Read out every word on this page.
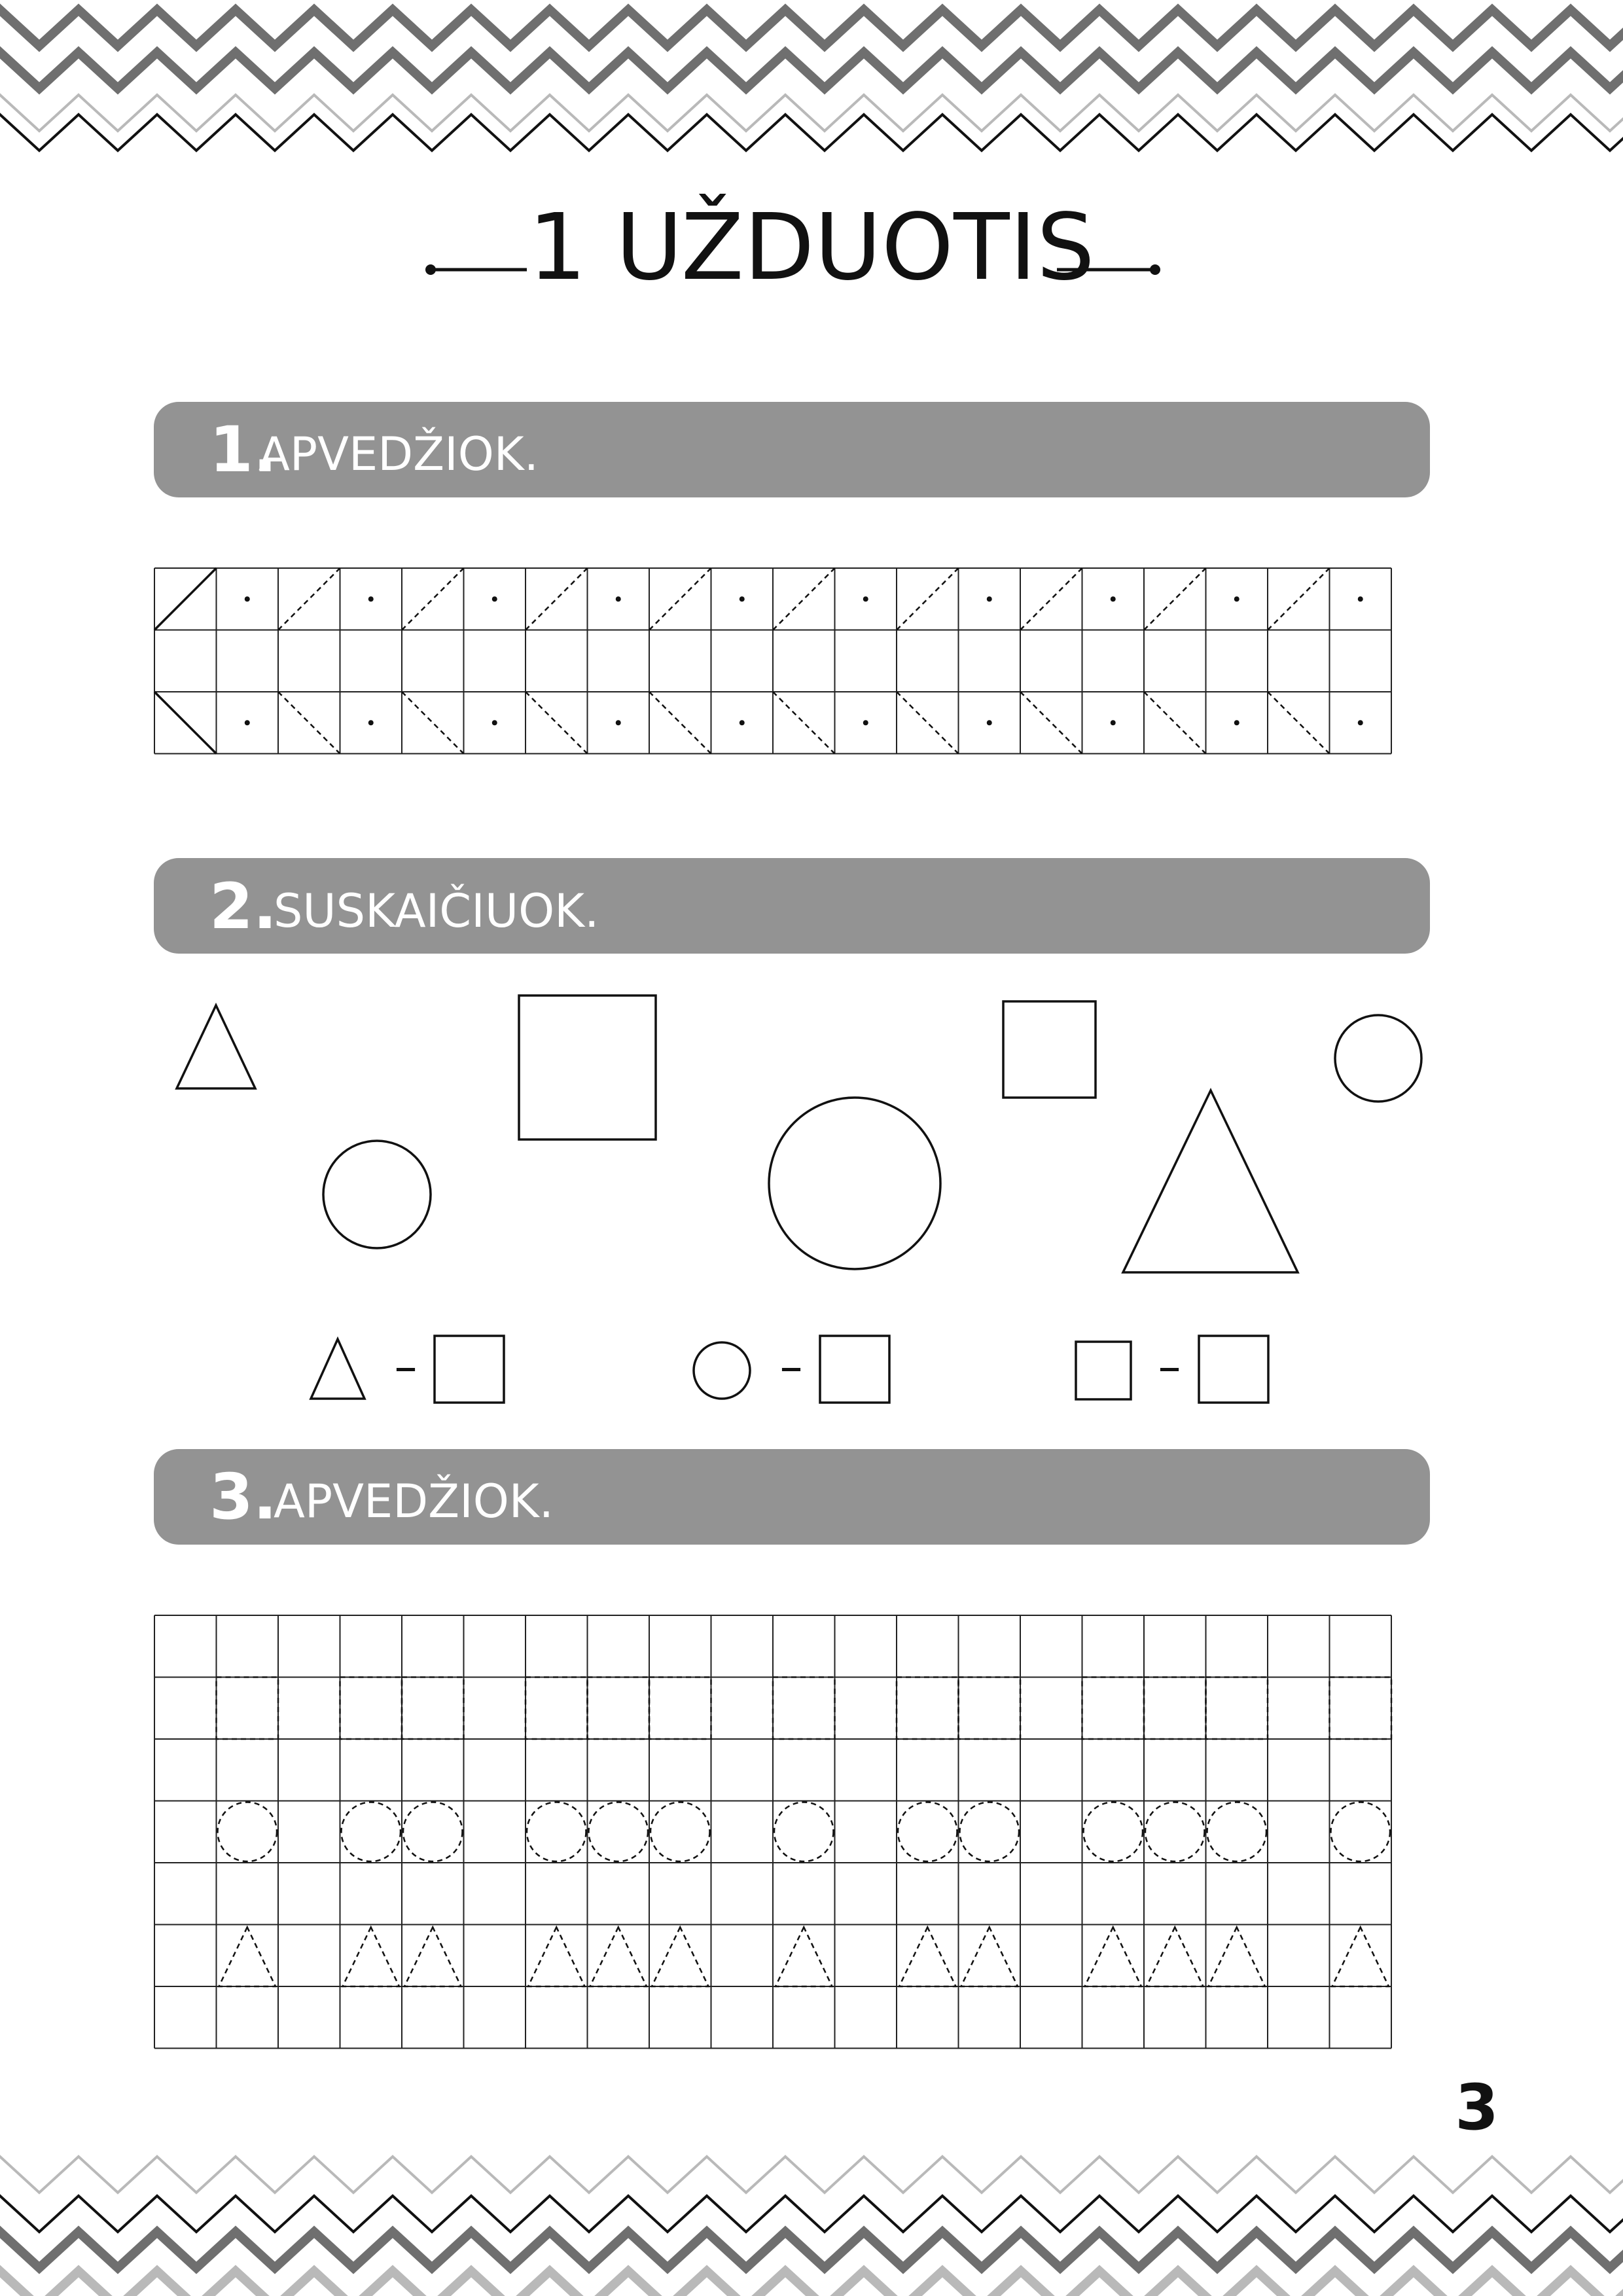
1 UŽDUOTIS
1.
APVEDŽIOK.
2.
SUSKAIČIUOK.
–	–	–
3.
APVEDŽIOK.
3
